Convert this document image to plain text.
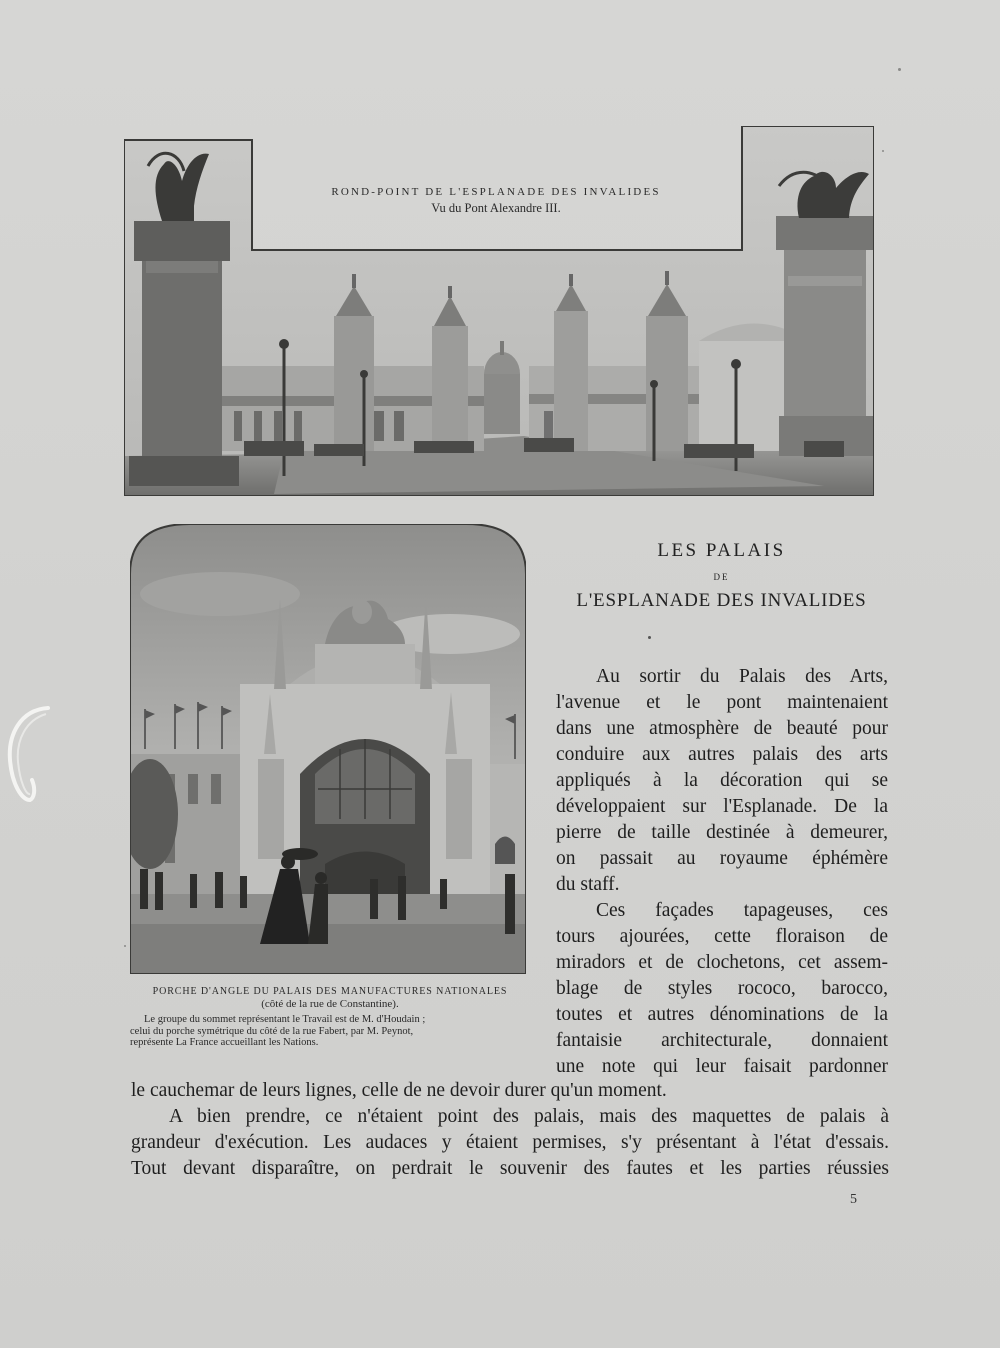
ROND-POINT DE L'ESPLANADE DES INVALIDES
Vu du Pont Alexandre III.
PORCHE D'ANGLE DU PALAIS DES MANUFACTURES NATIONALES
(côté de la rue de Constantine).
Le groupe du sommet représentant le Travail est de M. d'Houdain ;
celui du porche symétrique du côté de la rue Fabert, par M. Peynot,
représente La France accueillant les Nations.
LES PALAIS
DE
L'ESPLANADE DES INVALIDES
Au sortir du Palais des Arts,
l'avenue et le pont maintenaient
dans une atmosphère de beauté pour
conduire aux autres palais des arts
appliqués à la décoration qui se
développaient sur l'Esplanade. De la
pierre de taille destinée à demeurer,
on passait au royaume éphémère
du staff.
Ces façades tapageuses, ces
tours ajourées, cette floraison de
miradors et de clochetons, cet assem-
blage de styles rococo, barocco,
toutes et autres dénominations de la
fantaisie architecturale, donnaient
une note qui leur faisait pardonner
le cauchemar de leurs lignes, celle de ne devoir durer qu'un moment.
A bien prendre, ce n'étaient point des palais, mais des maquettes de palais à
grandeur d'exécution. Les audaces y étaient permises, s'y présentant à l'état d'essais.
Tout devant disparaître, on perdrait le souvenir des fautes et les parties réussies
5
